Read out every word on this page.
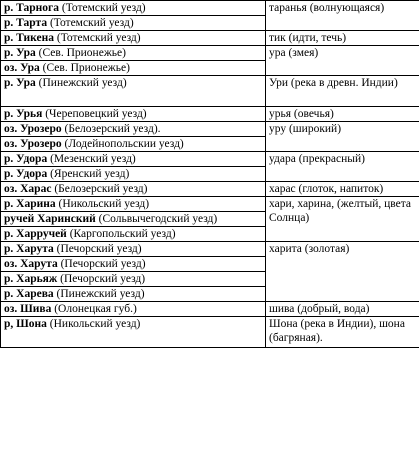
р. Тарнога (Тотемский уезд)	таранья (волнующаяся)
р. Тарта (Тотемский уезд)	
р. Тикена (Тотемский уезд)	тик (идти, течь)
р. Ура (Сев. Прионежье)	ура (змея)
оз. Ура (Сев. Прионежье)	
р. Ура (Пинежский уезд)	Ури (река в древн. Индии)
р. Урья (Череповецкий уезд)	урья (овечья)
оз. Урозеро (Белозерский уезд).	уру (широкий)
оз. Урозеро (Лодейнопольскии уезд)	
р. Удора (Мезенский уезд)	удара (прекрасный)
р. Удора (Яренский уезд)	
оз. Харас (Белозерский уезд)	харас (глоток, напиток)
р. Харина (Никольский уезд)	хари, харина, (желтый, цвета Солнца)
ручей Харинский (Сольвычегодский уезд)	
р. Харручей (Каргопольский уезд)	
р. Харута (Печорский уезд)	харита (золотая)
оз. Харута (Печорский уезд)	
р. Харьяж (Печорский уезд)	
р. Харева (Пинежский уезд)	
оз. Шива (Олонецкая губ.)	шива (добрый, вода)
р, Шона (Никольский уезд)	Шона (река в Индии), шона (багряная).
